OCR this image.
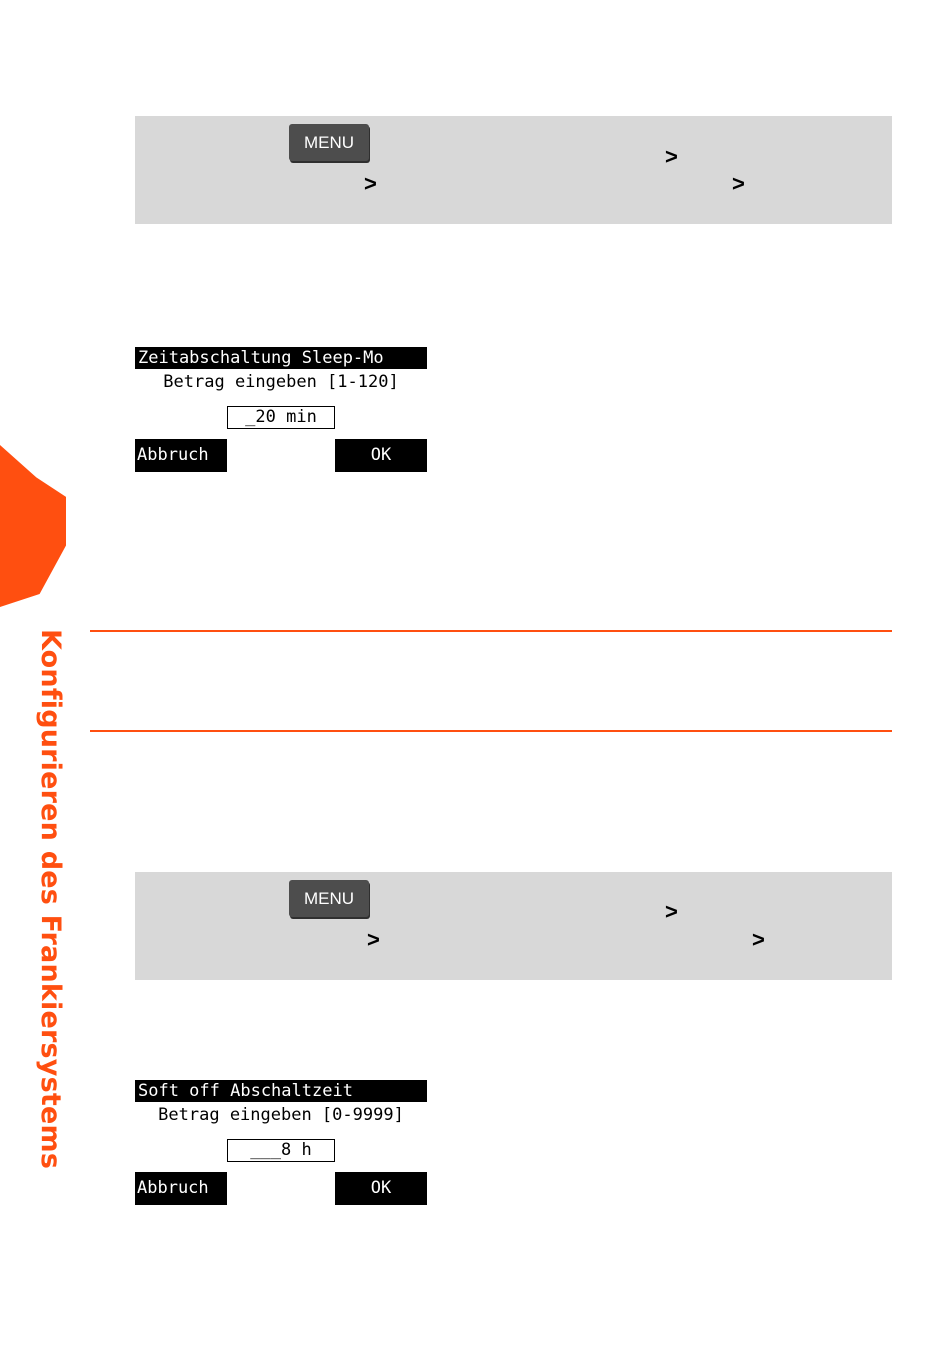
Konfigurieren des Frankiersystems
MENU
>
>	>
Zeitabschaltung Sleep-Mo
Betrag eingeben [1-120]
_20 min
Abbruch	OK
MENU
>
>	>
Soft off Abschaltzeit
Betrag eingeben [0-9999]
___8 h
Abbruch	OK
